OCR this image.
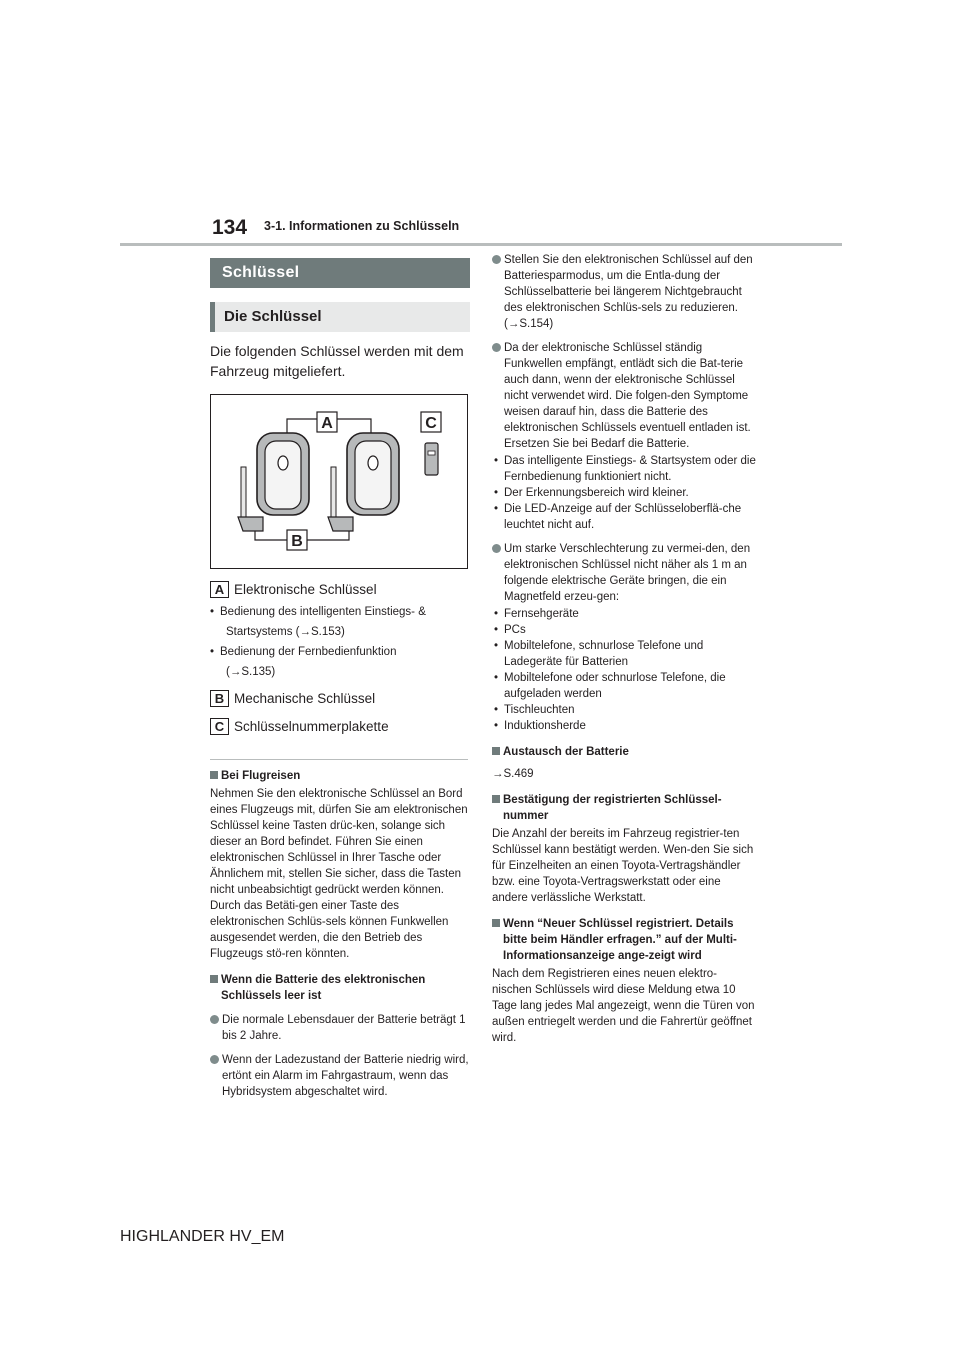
134 3-1. Informationen zu Schlüsseln
Schlüssel
Die Schlüssel

Die folgenden Schlüssel werden mit dem Fahrzeug mitgeliefert.

A
B
C
A Elektronische Schlüssel
• Bedienung des intelligenten Einstiegs- &
Startsystems (→S.153)
• Bedienung der Fernbedienfunktion
(→S.135)
B Mechanische Schlüssel
C Schlüsselnummerplakette
Bei Flugreisen

Nehmen Sie den elektronische Schlüssel an Bord eines Flugzeugs mit, dürfen Sie am elektronischen Schlüssel keine Tasten drüc-ken, solange sich dieser an Bord befindet. Führen Sie einen elektronischen Schlüssel in Ihrer Tasche oder Ähnlichem mit, stellen Sie sicher, dass die Tasten nicht unbeabsichtigt gedrückt werden können. Durch das Betäti-gen einer Taste des elektronischen Schlüs-sels können Funkwellen ausgesendet werden, die den Betrieb des Flugzeugs stö-ren könnten.

Wenn die Batterie des elektronischen Schlüssels leer ist
Die normale Lebensdauer der Batterie beträgt 1 bis 2 Jahre.
Wenn der Ladezustand der Batterie niedrig wird, ertönt ein Alarm im Fahrgastraum, wenn das Hybridsystem abgeschaltet wird.
Stellen Sie den elektronischen Schlüssel auf den Batteriesparmodus, um die Entla-dung der Schlüsselbatterie bei längerem Nichtgebraucht des elektronischen Schlüs-sels zu reduzieren. (→S.154)
Da der elektronische Schlüssel ständig Funkwellen empfängt, entlädt sich die Bat-terie auch dann, wenn der elektronische Schlüssel nicht verwendet wird. Die folgen-den Symptome weisen darauf hin, dass die Batterie des elektronischen Schlüssels eventuell entladen ist. Ersetzen Sie bei Bedarf die Batterie.
• Das intelligente Einstiegs- & Startsystem oder die Fernbedienung funktioniert nicht.
• Der Erkennungsbereich wird kleiner.
• Die LED-Anzeige auf der Schlüsseloberflä-che leuchtet nicht auf.
Um starke Verschlechterung zu vermei-den, den elektronischen Schlüssel nicht näher als 1 m an folgende elektrische Geräte bringen, die ein Magnetfeld erzeu-gen:
• Fernsehgeräte
• PCs
• Mobiltelefone, schnurlose Telefone und Ladegeräte für Batterien
• Mobiltelefone oder schnurlose Telefone, die aufgeladen werden
• Tischleuchten
• Induktionsherde
Austausch der Batterie

→S.469

Bestätigung der registrierten Schlüssel-nummer

Die Anzahl der bereits im Fahrzeug registrier-ten Schlüssel kann bestätigt werden. Wen-den Sie sich für Einzelheiten an einen Toyota-Vertragshändler bzw. eine Toyota-Vertragswerkstatt oder eine andere verlässliche Werkstatt.

Wenn “Neuer Schlüssel registriert. Details bitte beim Händler erfragen.” auf der Multi-Informationsanzeige ange-zeigt wird

Nach dem Registrieren eines neuen elektro-nischen Schlüssels wird diese Meldung etwa 10 Tage lang jedes Mal angezeigt, wenn die Türen von außen entriegelt werden und die Fahrertür geöffnet wird.

HIGHLANDER HV_EM
